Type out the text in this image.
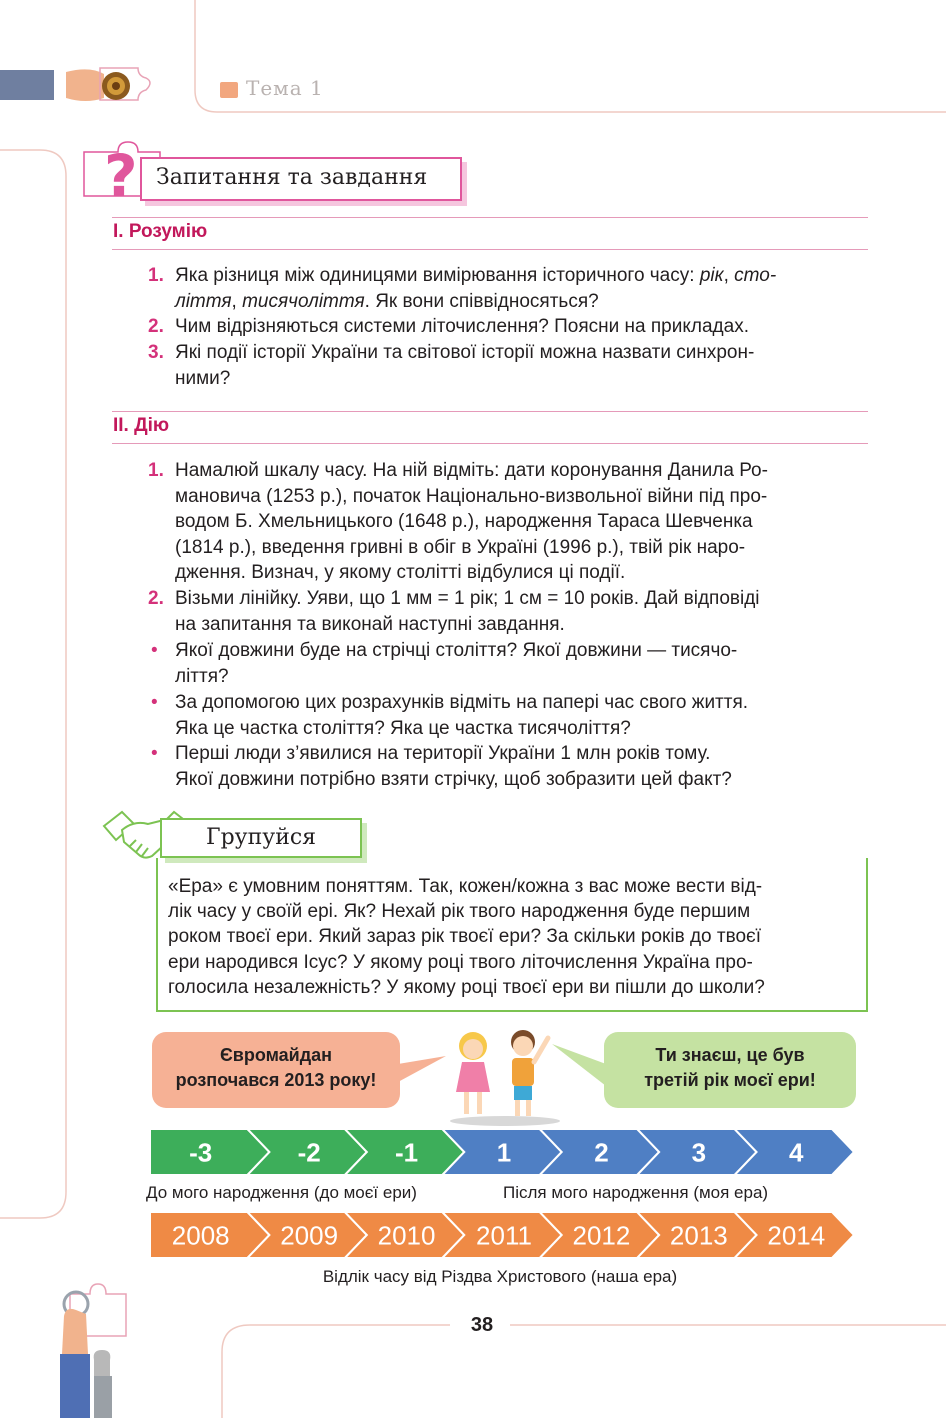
Тема 1
? Запитання та завдання
І. Розумію
1. Яка різниця між одиницями вимірювання історичного часу: рік, сто-
ліття, тисячоліття. Як вони співвідносяться?
2. Чим відрізняються системи літочислення? Поясни на прикладах.
3. Які події історії України та світової історії можна назвати синхрон-
ними?
ІІ. Дію
1. Намалюй шкалу часу. На ній відміть: дати коронування Данила Ро-
мановича (1253 р.), початок Національно-визвольної війни під про-
водом Б. Хмельницького (1648 р.), народження Тараса Шевченка
(1814 р.), введення гривні в обіг в Україні (1996 р.), твій рік наро-
дження. Визнач, у якому столітті відбулися ці події.
2. Візьми лінійку. Уяви, що 1 мм = 1 рік; 1 см = 10 років. Дай відповіді
на запитання та виконай наступні завдання.
• Якої довжини буде на стрічці століття? Якої довжини — тисячо-
ліття?
• За допомогою цих розрахунків відміть на папері час свого життя.
Яка це частка століття? Яка це частка тисячоліття?
• Перші люди з’явилися на території України 1 млн років тому.
Якої довжини потрібно взяти стрічку, щоб зобразити цей факт?
Групуйся
«Ера» є умовним поняттям. Так, кожен/кожна з вас може вести від-
лік часу у своїй ері. Як? Нехай рік твого народження буде першим
роком твоєї ери. Який зараз рік твоєї ери? За скільки років до твоєї
ери народився Ісус? У якому році твого літочислення Україна про-
голосила незалежність? У якому році твоєї ери ви пішли до школи?
Євромайдан
розпочався 2013 року!
Ти знаєш, це був
третій рік моєї ери!
-3	-2	-1	1	2	3	4
До мого народження (до моєї ери)	Після мого народження (моя ера)
2008 2009 2010 2011 2012 2013 2014
Відлік часу від Різдва Христового (наша ера)
38
